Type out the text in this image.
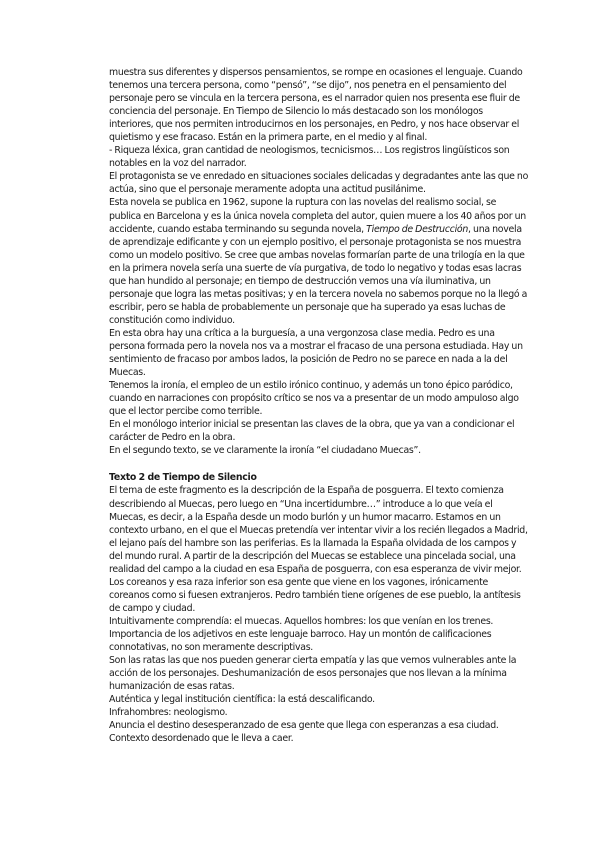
muestra sus diferentes y dispersos pensamientos, se rompe en ocasiones el lenguaje. Cuando tenemos una tercera persona, como “pensó”, “se dijo”, nos penetra en el pensamiento del personaje pero se vincula en la tercera persona, es el narrador quien nos presenta ese fluir de conciencia del personaje. En Tiempo de Silencio lo más destacado son los monólogos interiores, que nos permiten introducirnos en los personajes, en Pedro, y nos hace observar el quietismo y ese fracaso. Están en la primera parte, en el medio y al final.

- Riqueza léxica, gran cantidad de neologismos, tecnicismos… Los registros lingüísticos son notables en la voz del narrador.

El protagonista se ve enredado en situaciones sociales delicadas y degradantes ante las que no actúa, sino que el personaje meramente adopta una actitud pusilánime.

Esta novela se publica en 1962, supone la ruptura con las novelas del realismo social, se publica en Barcelona y es la única novela completa del autor, quien muere a los 40 años por un accidente, cuando estaba terminando su segunda novela, Tiempo de Destrucción, una novela de aprendizaje edificante y con un ejemplo positivo, el personaje protagonista se nos muestra como un modelo positivo. Se cree que ambas novelas formarían parte de una trilogía en la que en la primera novela sería una suerte de vía purgativa, de todo lo negativo y todas esas lacras que han hundido al personaje; en tiempo de destrucción vemos una vía iluminativa, un personaje que logra las metas positivas; y en la tercera novela no sabemos porque no la llegó a escribir, pero se habla de probablemente un personaje que ha superado ya esas luchas de constitución como individuo.

En esta obra hay una crítica a la burguesía, a una vergonzosa clase media. Pedro es una persona formada pero la novela nos va a mostrar el fracaso de una persona estudiada. Hay un sentimiento de fracaso por ambos lados, la posición de Pedro no se parece en nada a la del Muecas.

Tenemos la ironía, el empleo de un estilo irónico continuo, y además un tono épico paródico, cuando en narraciones con propósito crítico se nos va a presentar de un modo ampuloso algo que el lector percibe como terrible.

En el monólogo interior inicial se presentan las claves de la obra, que ya van a condicionar el carácter de Pedro en la obra.

En el segundo texto, se ve claramente la ironía “el ciudadano Muecas”.

Texto 2 de Tiempo de Silencio

El tema de este fragmento es la descripción de la España de posguerra. El texto comienza describiendo al Muecas, pero luego en “Una incertidumbre…” introduce a lo que veía el Muecas, es decir, a la España desde un modo burlón y un humor macarro. Estamos en un contexto urbano, en el que el Muecas pretendía ver intentar vivir a los recién llegados a Madrid, el lejano país del hambre son las periferias. Es la llamada la España olvidada de los campos y del mundo rural. A partir de la descripción del Muecas se establece una pincelada social, una realidad del campo a la ciudad en esa España de posguerra, con esa esperanza de vivir mejor.

Los coreanos y esa raza inferior son esa gente que viene en los vagones, irónicamente coreanos como si fuesen extranjeros. Pedro también tiene orígenes de ese pueblo, la antítesis de campo y ciudad.

Intuitivamente comprendía: el muecas. Aquellos hombres: los que venían en los trenes.

Importancia de los adjetivos en este lenguaje barroco. Hay un montón de calificaciones connotativas, no son meramente descriptivas.

Son las ratas las que nos pueden generar cierta empatía y las que vemos vulnerables ante la acción de los personajes. Deshumanización de esos personajes que nos llevan a la mínima humanización de esas ratas.

Auténtica y legal institución científica: la está descalificando.

Infrahombres: neologismo.

Anuncia el destino desesperanzado de esa gente que llega con esperanzas a esa ciudad. Contexto desordenado que le lleva a caer.
